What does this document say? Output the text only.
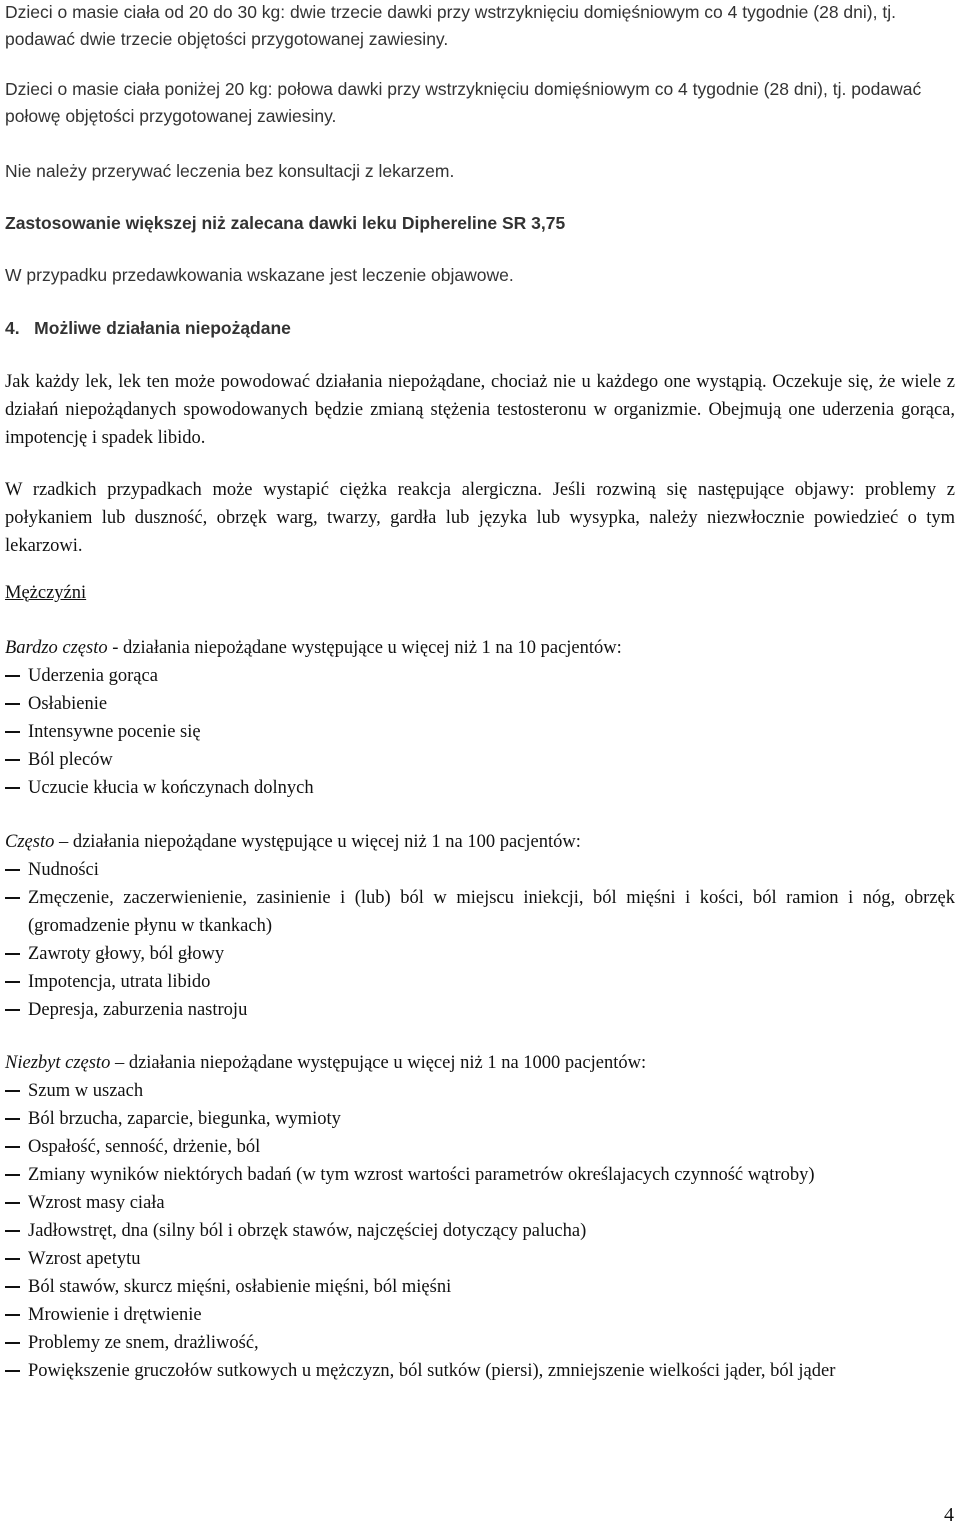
Dzieci o masie ciała od 20 do 30 kg: dwie trzecie dawki przy wstrzyknięciu domięśniowym co 4 tygodnie (28 dni), tj. podawać dwie trzecie objętości przygotowanej zawiesiny.

Dzieci o masie ciała poniżej 20 kg: połowa dawki przy wstrzyknięciu domięśniowym co 4 tygodnie (28 dni), tj. podawać połowę objętości przygotowanej zawiesiny.

Nie należy przerywać leczenia bez konsultacji z lekarzem.

Zastosowanie większej niż zalecana dawki leku Diphereline SR 3,75

W przypadku przedawkowania wskazane jest leczenie objawowe.

4.   Możliwe działania niepożądane

Jak każdy lek, lek ten może powodować działania niepożądane, chociaż nie u każdego one wystąpią. Oczekuje się, że wiele z działań niepożądanych spowodowanych będzie zmianą stężenia testosteronu w organizmie. Obejmują one uderzenia gorąca, impotencję i spadek libido.

W rzadkich przypadkach może wystapić ciężka reakcja alergiczna. Jeśli rozwiną się następujące objawy: problemy z połykaniem lub duszność, obrzęk warg, twarzy, gardła lub języka lub wysypka, należy niezwłocznie powiedzieć o tym lekarzowi.

Mężczyźni

Bardzo często - działania niepożądane występujące u więcej niż 1 na 10 pacjentów:

Uderzenia gorąca
Osłabienie
Intensywne pocenie się
Ból pleców
Uczucie kłucia w kończynach dolnych

Często – działania niepożądane występujące u więcej niż 1 na 100 pacjentów:

Nudności
Zmęczenie, zaczerwienienie, zasinienie i (lub) ból w miejscu iniekcji, ból mięśni i kości, ból ramion i nóg, obrzęk (gromadzenie płynu w tkankach)
Zawroty głowy, ból głowy
Impotencja, utrata libido
Depresja, zaburzenia nastroju

Niezbyt często – działania niepożądane występujące u więcej niż 1 na 1000 pacjentów:

Szum w uszach
Ból brzucha, zaparcie, biegunka, wymioty
Ospałość, senność, drżenie, ból
Zmiany wyników niektórych badań (w tym wzrost wartości parametrów określajacych czynność wątroby)
Wzrost masy ciała
Jadłowstręt, dna (silny ból i obrzęk stawów, najczęściej dotyczący palucha)
Wzrost apetytu
Ból stawów, skurcz mięśni, osłabienie mięśni, ból mięśni
Mrowienie i drętwienie
Problemy ze snem, drażliwość,
Powiększenie gruczołów sutkowych u mężczyzn, ból sutków (piersi), zmniejszenie wielkości jąder, ból jąder
4
